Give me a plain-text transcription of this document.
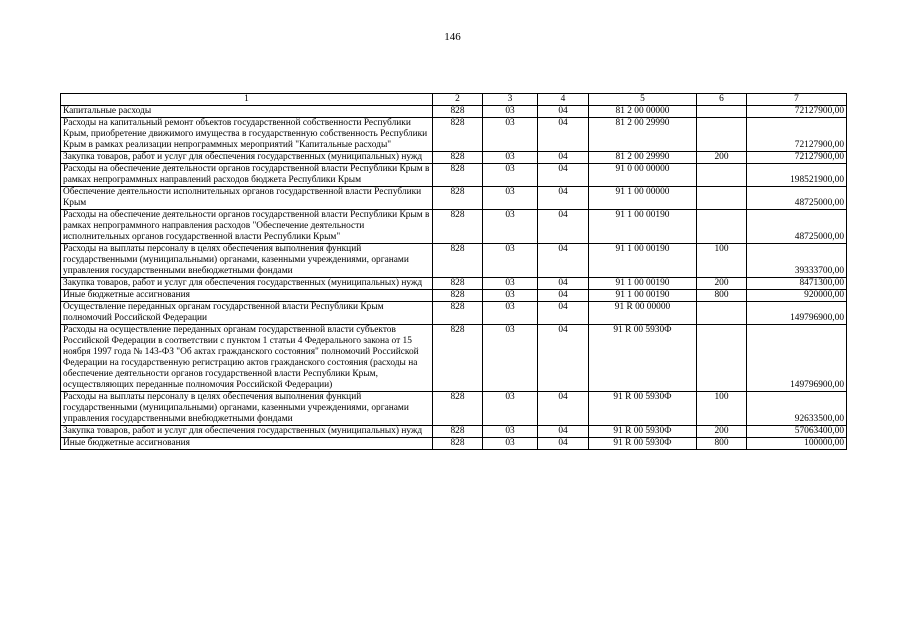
146
1	2	3	4	5	6	7
Капитальные расходы	828	03	04	81 2 00 00000		72127900,00
Расходы на капитальный ремонт объектов государственной собственности Республики Крым, приобретение движимого имущества в государственную собственность Республики Крым в рамках реализации непрограммных мероприятий "Капитальные расходы"	828	03	04	81 2 00 29990		72127900,00
Закупка товаров, работ и услуг для обеспечения государственных (муниципальных) нужд	828	03	04	81 2 00 29990	200	72127900,00
Расходы на обеспечение деятельности органов государственной власти Республики Крым в рамках непрограммных направлений расходов бюджета Республики Крым	828	03	04	91 0 00 00000		198521900,00
Обеспечение деятельности исполнительных органов государственной власти Республики Крым	828	03	04	91 1 00 00000		48725000,00
Расходы на обеспечение деятельности органов государственной власти Республики Крым в рамках непрограммного направления расходов "Обеспечение деятельности исполнительных органов государственной власти Республики Крым"	828	03	04	91 1 00 00190		48725000,00
Расходы на выплаты персоналу в целях обеспечения выполнения функций государственными (муниципальными) органами, казенными учреждениями, органами управления государственными внебюджетными фондами	828	03	04	91 1 00 00190	100	39333700,00
Закупка товаров, работ и услуг для обеспечения государственных (муниципальных) нужд	828	03	04	91 1 00 00190	200	8471300,00
Иные бюджетные ассигнования	828	03	04	91 1 00 00190	800	920000,00
Осуществление переданных органам государственной власти Республики Крым полномочий Российской Федерации	828	03	04	91 R 00 00000		149796900,00
Расходы на осуществление переданных органам государственной власти субъектов Российской Федерации в соответствии с пунктом 1 статьи 4 Федерального закона от 15 ноября 1997 года № 143-ФЗ "Об актах гражданского состояния" полномочий Российской Федерации на государственную регистрацию актов гражданского состояния (расходы на обеспечение деятельности органов государственной власти Республики Крым, осуществляющих переданные полномочия Российской Федерации)	828	03	04	91 R 00 5930Ф		149796900,00
Расходы на выплаты персоналу в целях обеспечения выполнения функций государственными (муниципальными) органами, казенными учреждениями, органами управления государственными внебюджетными фондами	828	03	04	91 R 00 5930Ф	100	92633500,00
Закупка товаров, работ и услуг для обеспечения государственных (муниципальных) нужд	828	03	04	91 R 00 5930Ф	200	57063400,00
Иные бюджетные ассигнования	828	03	04	91 R 00 5930Ф	800	100000,00
